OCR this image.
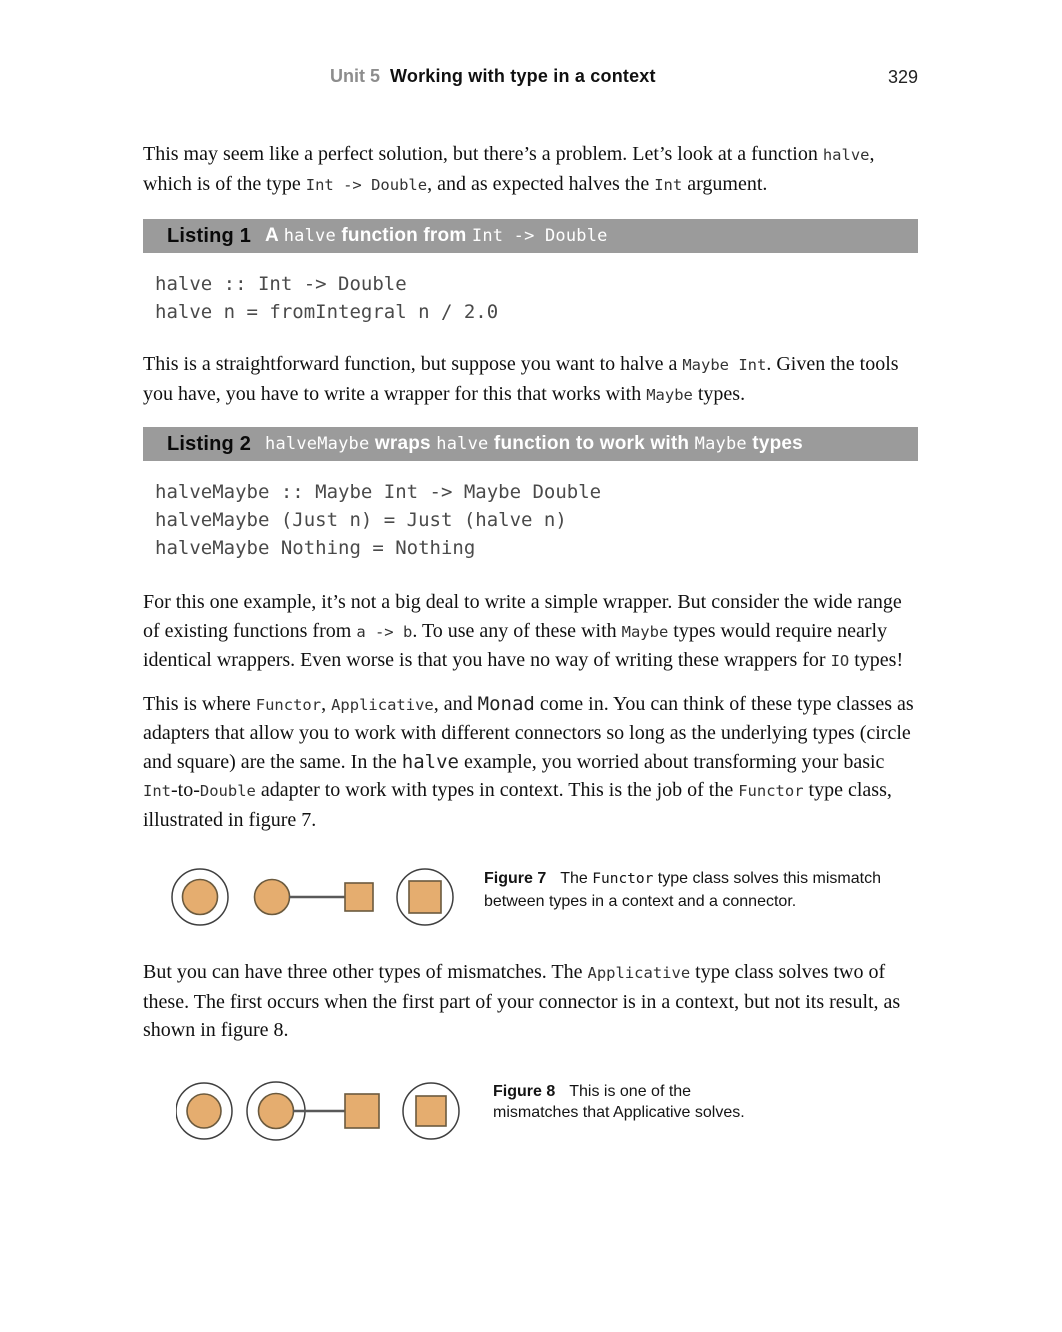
Unit 5 Working with type in a context	329

This may seem like a perfect solution, but there’s a problem. Let’s look at a function halve, which is of the type Int -> Double, and as expected halves the Int argument.

Listing 1 A halve function from Int -> Double
halve :: Int -> Double
halve n = fromIntegral n / 2.0

This is a straightforward function, but suppose you want to halve a Maybe Int. Given the tools you have, you have to write a wrapper for this that works with Maybe types.

Listing 2 halveMaybe wraps halve function to work with Maybe types
halveMaybe :: Maybe Int -> Maybe Double
halveMaybe (Just n) = Just (halve n)
halveMaybe Nothing = Nothing

For this one example, it’s not a big deal to write a simple wrapper. But consider the wide range of existing functions from a -> b. To use any of these with Maybe types would require nearly identical wrappers. Even worse is that you have no way of writing these wrappers for IO types!

This is where Functor, Applicative, and Monad come in. You can think of these type classes as adapters that allow you to work with different connectors so long as the underlying types (circle and square) are the same. In the halve example, you worried about transforming your basic Int-to-Double adapter to work with types in context. This is the job of the Functor type class, illustrated in figure 7.

Figure 7 The Functor type class solves this mismatch between types in a context and a connector.

But you can have three other types of mismatches. The Applicative type class solves two of these. The first occurs when the first part of your connector is in a context, but not its result, as shown in figure 8.

Figure 8 This is one of the mismatches that Applicative solves.
